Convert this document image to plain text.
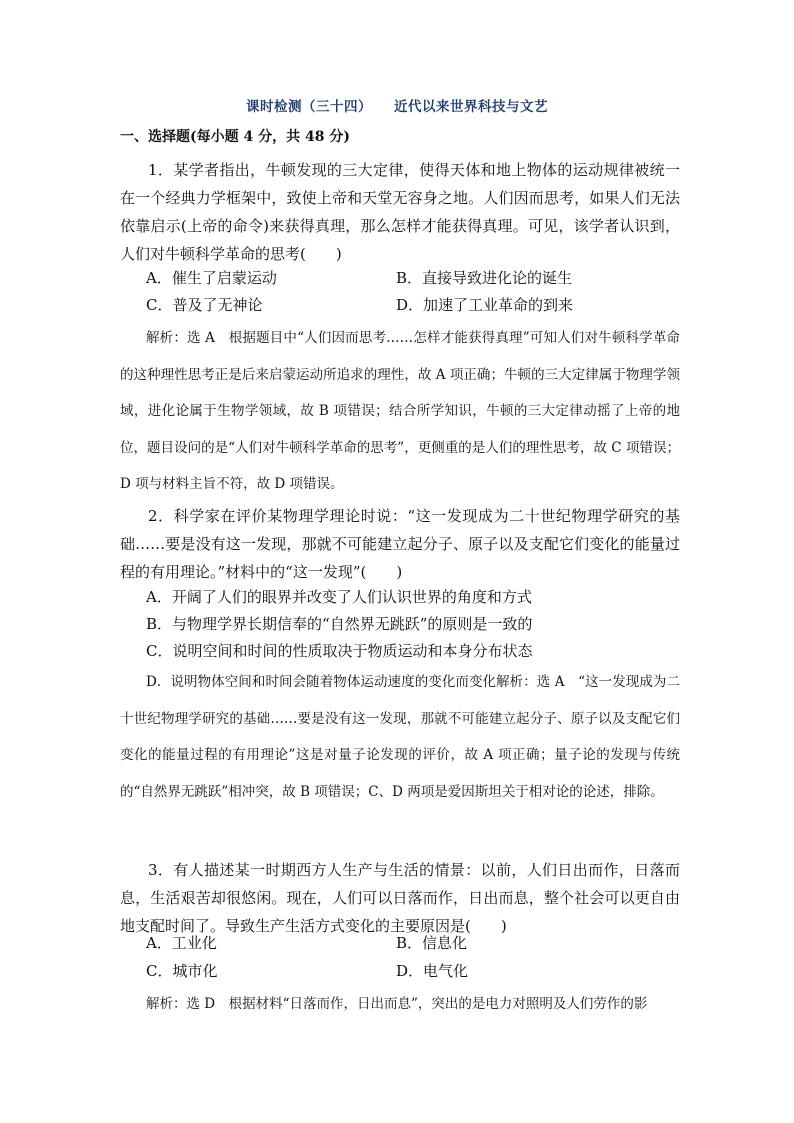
课时检测（三十四） 近代以来世界科技与文艺
一、选择题(每小题 4 分，共 48 分)
1．某学者指出，牛顿发现的三大定律，使得天体和地上物体的运动规律被统一在一个经典力学框架中，致使上帝和天堂无容身之地。人们因而思考，如果人们无法依靠启示(上帝的命令)来获得真理，那么怎样才能获得真理。可见，该学者认识到，人们对牛顿科学革命的思考(　　)
A．催生了启蒙运动	B．直接导致进化论的诞生
C．普及了无神论	D．加速了工业革命的到来
解析：选 A　根据题目中“人们因而思考……怎样才能获得真理”可知人们对牛顿科学革命的这种理性思考正是后来启蒙运动所追求的理性，故 A 项正确；牛顿的三大定律属于物理学领域，进化论属于生物学领域，故 B 项错误；结合所学知识，牛顿的三大定律动摇了上帝的地位，题目设问的是“人们对牛顿科学革命的思考”，更侧重的是人们的理性思考，故 C 项错误；D 项与材料主旨不符，故 D 项错误。
2．科学家在评价某物理学理论时说：“这一发现成为二十世纪物理学研究的基础……要是没有这一发现，那就不可能建立起分子、原子以及支配它们变化的能量过程的有用理论。”材料中的“这一发现”(　　)
A．开阔了人们的眼界并改变了人们认识世界的角度和方式
B．与物理学界长期信奉的“自然界无跳跃”的原则是一致的
C．说明空间和时间的性质取决于物质运动和本身分布状态
D．说明物体空间和时间会随着物体运动速度的变化而变化解析：选 A　“这一发现成为二十世纪物理学研究的基础……要是没有这一发现，那就不可能建立起分子、原子以及支配它们变化的能量过程的有用理论”这是对量子论发现的评价，故 A 项正确；量子论的发现与传统的“自然界无跳跃”相冲突，故 B 项错误；C、D 两项是爱因斯坦关于相对论的论述，排除。
3．有人描述某一时期西方人生产与生活的情景：以前，人们日出而作，日落而息，生活艰苦却很悠闲。现在，人们可以日落而作，日出而息，整个社会可以更自由地支配时间了。导致生产生活方式变化的主要原因是(　　)
A．工业化	B．信息化
C．城市化	D．电气化
解析：选 D　根据材料“日落而作，日出而息”，突出的是电力对照明及人们劳作的影
